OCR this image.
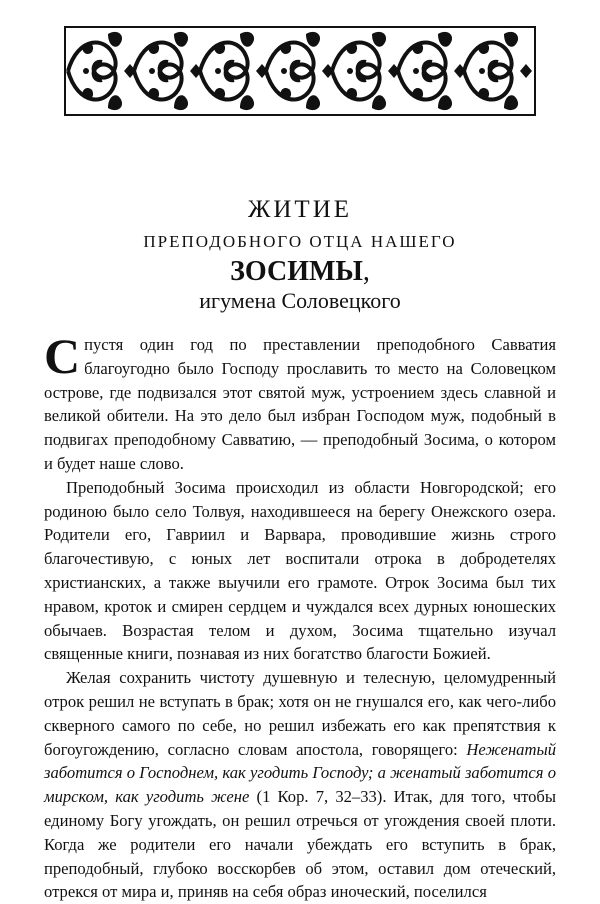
ЖИТИЕ
ПРЕПОДОБНОГО ОТЦА НАШЕГО
ЗОСИМЫ,
игумена Соловецкого

Спустя один год по преставлении преподобного Савватия благоугодно было Господу прославить то место на Соловецком острове, где подвизался этот святой муж, устроением здесь славной и великой обители. На это дело был избран Господом муж, подобный в подвигах преподобному Савватию, — преподобный Зосима, о котором и будет наше слово.

Преподобный Зосима происходил из области Новгородской; его родиною было село Толвуя, находившееся на берегу Онежского озера. Родители его, Гавриил и Варвара, проводившие жизнь строго благочестивую, с юных лет воспитали отрока в добродетелях христианских, а также выучили его грамоте. Отрок Зосима был тих нравом, кроток и смирен сердцем и чуждался всех дурных юношеских обычаев. Возрастая телом и духом, Зосима тщательно изучал священные книги, познавая из них богатство благости Божией.

Желая сохранить чистоту душевную и телесную, целомудренный отрок решил не вступать в брак; хотя он не гнушался его, как чего-либо скверного самого по себе, но решил избежать его как препятствия к богоугождению, согласно словам апостола, говорящего: Неженатый заботится о Господнем, как угодить Господу; а женатый заботится о мирском, как угодить жене (1 Кор. 7, 32–33). Итак, для того, чтобы единому Богу угождать, он решил отречься от угождения своей плоти. Когда же родители его начали убеждать его вступить в брак, преподобный, глубоко восскорбев об этом, оставил дом отеческий, отрекся от мира и, приняв на себя образ иноческий, поселился
